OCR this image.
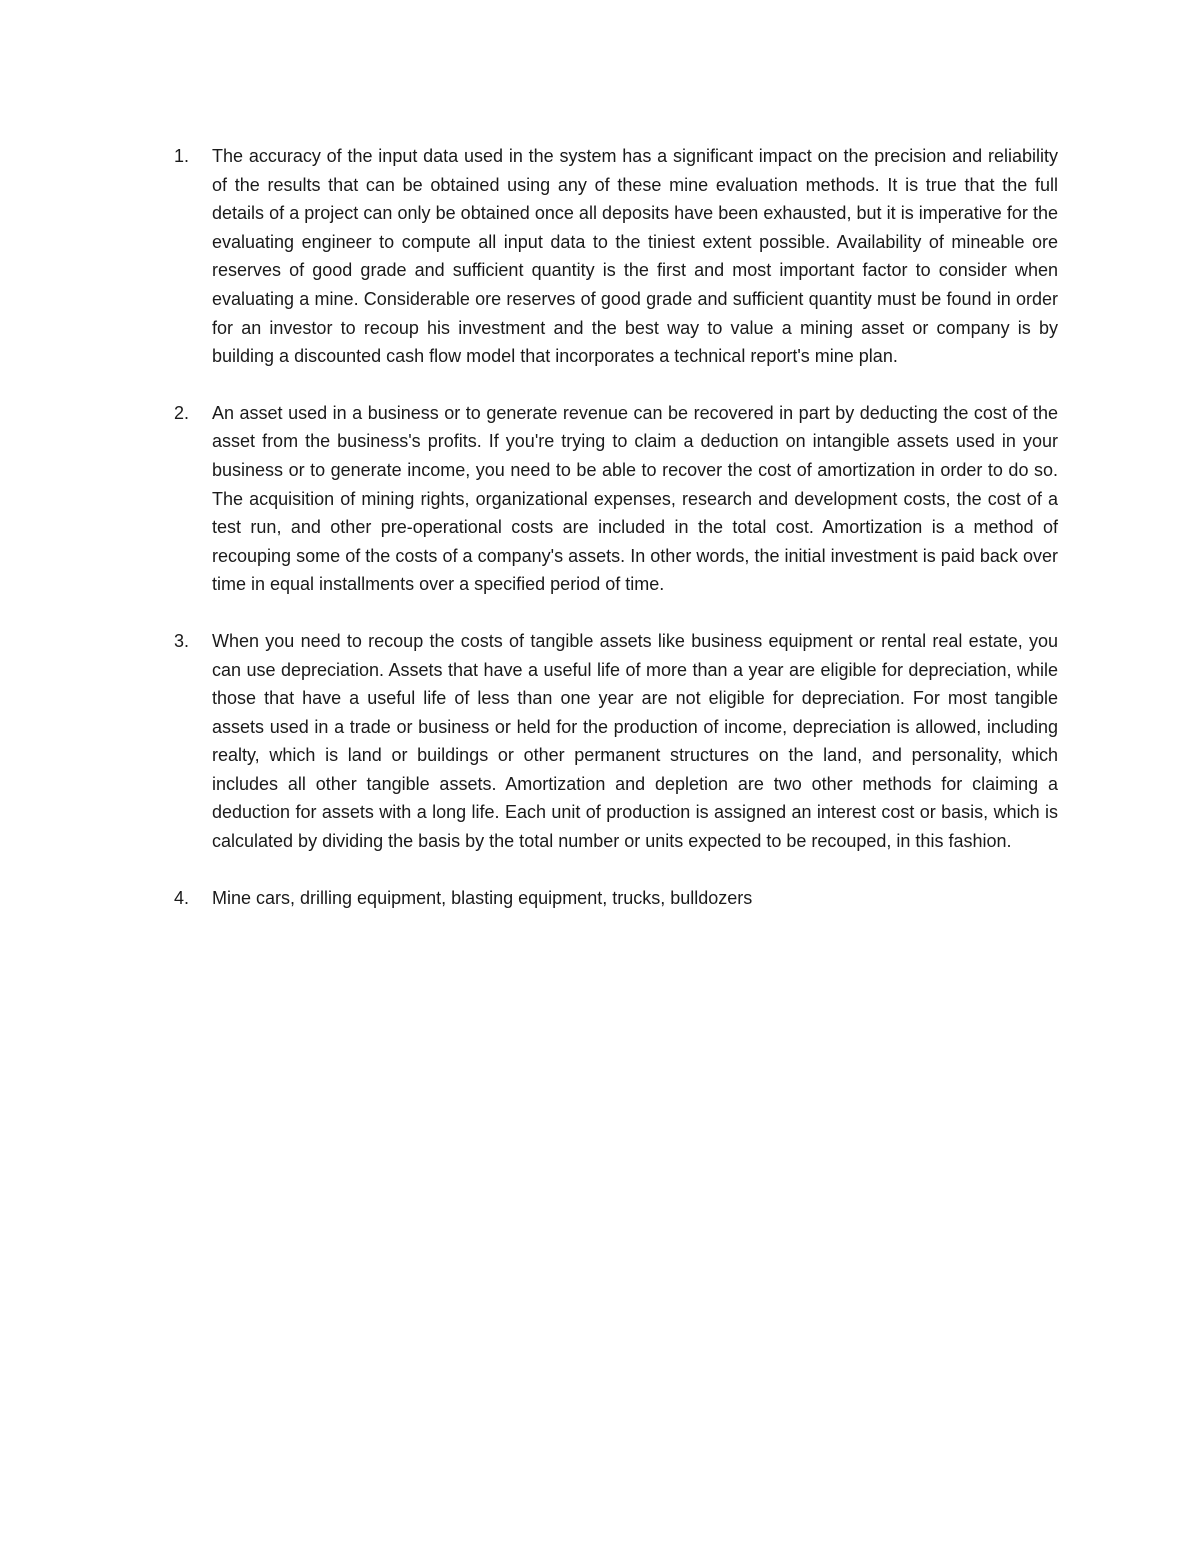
1. The accuracy of the input data used in the system has a significant impact on the precision and reliability of the results that can be obtained using any of these mine evaluation methods. It is true that the full details of a project can only be obtained once all deposits have been exhausted, but it is imperative for the evaluating engineer to compute all input data to the tiniest extent possible. Availability of mineable ore reserves of good grade and sufficient quantity is the first and most important factor to consider when evaluating a mine. Considerable ore reserves of good grade and sufficient quantity must be found in order for an investor to recoup his investment and the best way to value a mining asset or company is by building a discounted cash flow model that incorporates a technical report's mine plan.
2. An asset used in a business or to generate revenue can be recovered in part by deducting the cost of the asset from the business's profits. If you're trying to claim a deduction on intangible assets used in your business or to generate income, you need to be able to recover the cost of amortization in order to do so. The acquisition of mining rights, organizational expenses, research and development costs, the cost of a test run, and other pre-operational costs are included in the total cost. Amortization is a method of recouping some of the costs of a company's assets. In other words, the initial investment is paid back over time in equal installments over a specified period of time.
3. When you need to recoup the costs of tangible assets like business equipment or rental real estate, you can use depreciation. Assets that have a useful life of more than a year are eligible for depreciation, while those that have a useful life of less than one year are not eligible for depreciation. For most tangible assets used in a trade or business or held for the production of income, depreciation is allowed, including realty, which is land or buildings or other permanent structures on the land, and personality, which includes all other tangible assets. Amortization and depletion are two other methods for claiming a deduction for assets with a long life. Each unit of production is assigned an interest cost or basis, which is calculated by dividing the basis by the total number or units expected to be recouped, in this fashion.
4. Mine cars, drilling equipment, blasting equipment, trucks, bulldozers
